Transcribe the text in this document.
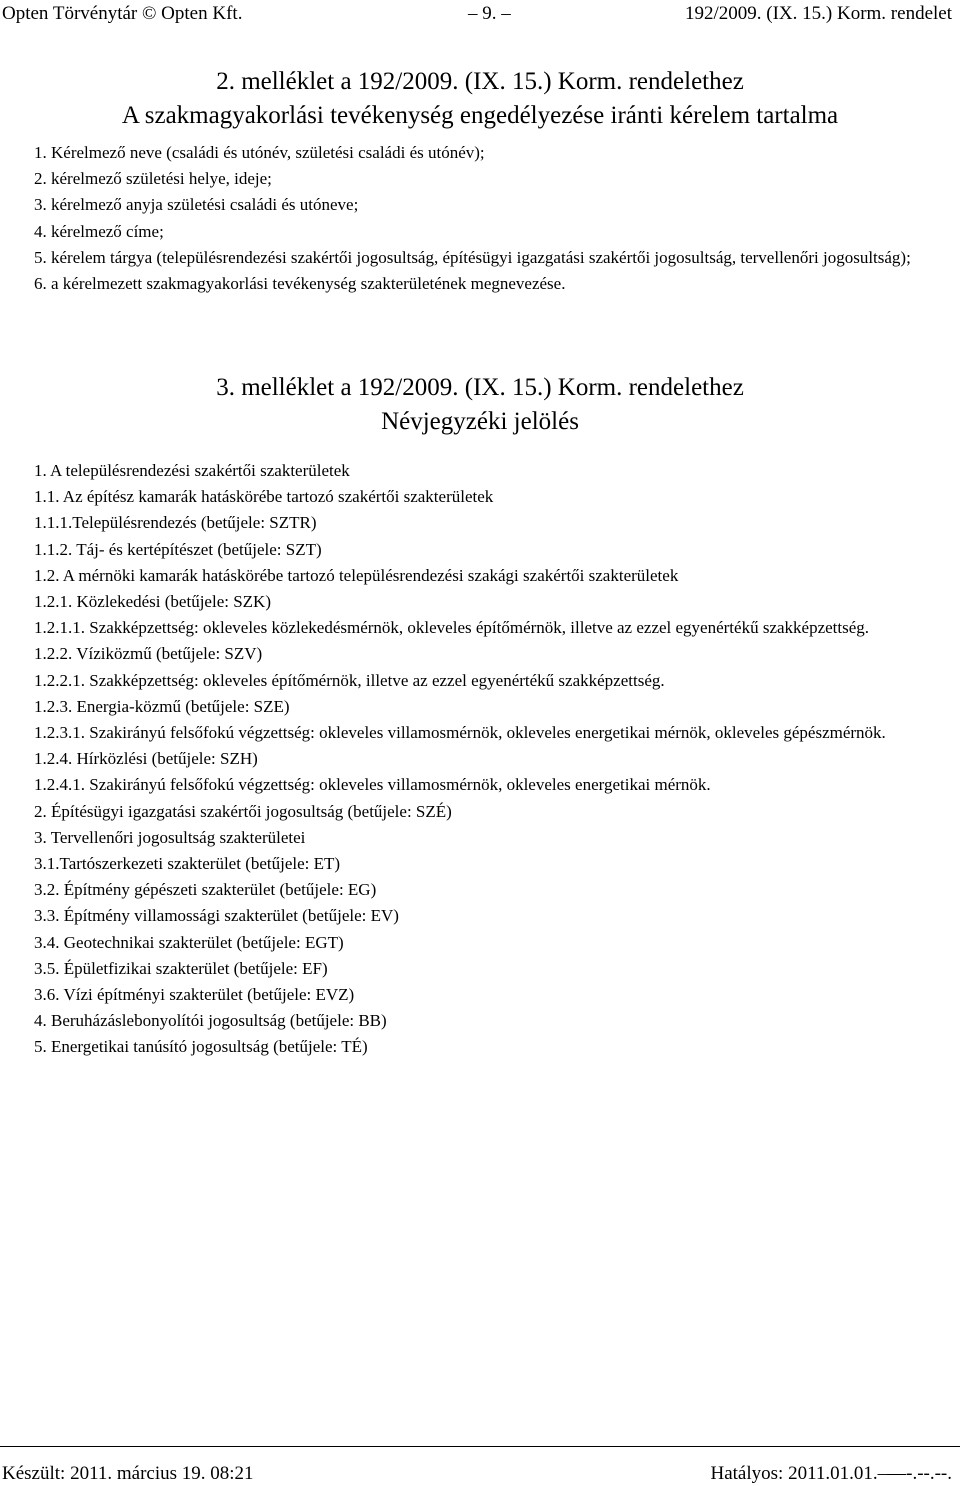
Opten Törvénytár © Opten Kft.	– 9. –	192/2009. (IX. 15.) Korm. rendelet
2. melléklet a 192/2009. (IX. 15.) Korm. rendelethez
A szakmagyakorlási tevékenység engedélyezése iránti kérelem tartalma
1. Kérelmező neve (családi és utónév, születési családi és utónév);
2. kérelmező születési helye, ideje;
3. kérelmező anyja születési családi és utóneve;
4. kérelmező címe;
5. kérelem tárgya (településrendezési szakértői jogosultság, építésügyi igazgatási szakértői jogosultság, tervellenőri jogosultság);
6. a kérelmezett szakmagyakorlási tevékenység szakterületének megnevezése.
3. melléklet a 192/2009. (IX. 15.) Korm. rendelethez
Névjegyzéki jelölés
1. A településrendezési szakértői szakterületek
1.1. Az építész kamarák hatáskörébe tartozó szakértői szakterületek
1.1.1.Településrendezés (betűjele: SZTR)
1.1.2. Táj- és kertépítészet (betűjele: SZT)
1.2. A mérnöki kamarák hatáskörébe tartozó településrendezési szakági szakértői szakterületek
1.2.1. Közlekedési (betűjele: SZK)
1.2.1.1. Szakképzettség: okleveles közlekedésmérnök, okleveles építőmérnök, illetve az ezzel egyenértékű szakképzettség.
1.2.2. Víziközmű (betűjele: SZV)
1.2.2.1. Szakképzettség: okleveles építőmérnök, illetve az ezzel egyenértékű szakképzettség.
1.2.3. Energia-közmű (betűjele: SZE)
1.2.3.1. Szakirányú felsőfokú végzettség: okleveles villamosmérnök, okleveles energetikai mérnök, okleveles gépészmérnök.
1.2.4. Hírközlési (betűjele: SZH)
1.2.4.1. Szakirányú felsőfokú végzettség: okleveles villamosmérnök, okleveles energetikai mérnök.
2. Építésügyi igazgatási szakértői jogosultság (betűjele: SZÉ)
3. Tervellenőri jogosultság szakterületei
3.1.Tartószerkezeti szakterület (betűjele: ET)
3.2. Építmény gépészeti szakterület (betűjele: EG)
3.3. Építmény villamossági szakterület (betűjele: EV)
3.4. Geotechnikai szakterület (betűjele: EGT)
3.5. Épületfizikai szakterület (betűjele: EF)
3.6. Vízi építményi szakterület (betűjele: EVZ)
4. Beruházáslebonyolítói jogosultság (betűjele: BB)
5. Energetikai tanúsító jogosultság (betűjele: TÉ)
Készült: 2011. március 19. 08:21	Hatályos: 2011.01.01.–—-.--.--.
